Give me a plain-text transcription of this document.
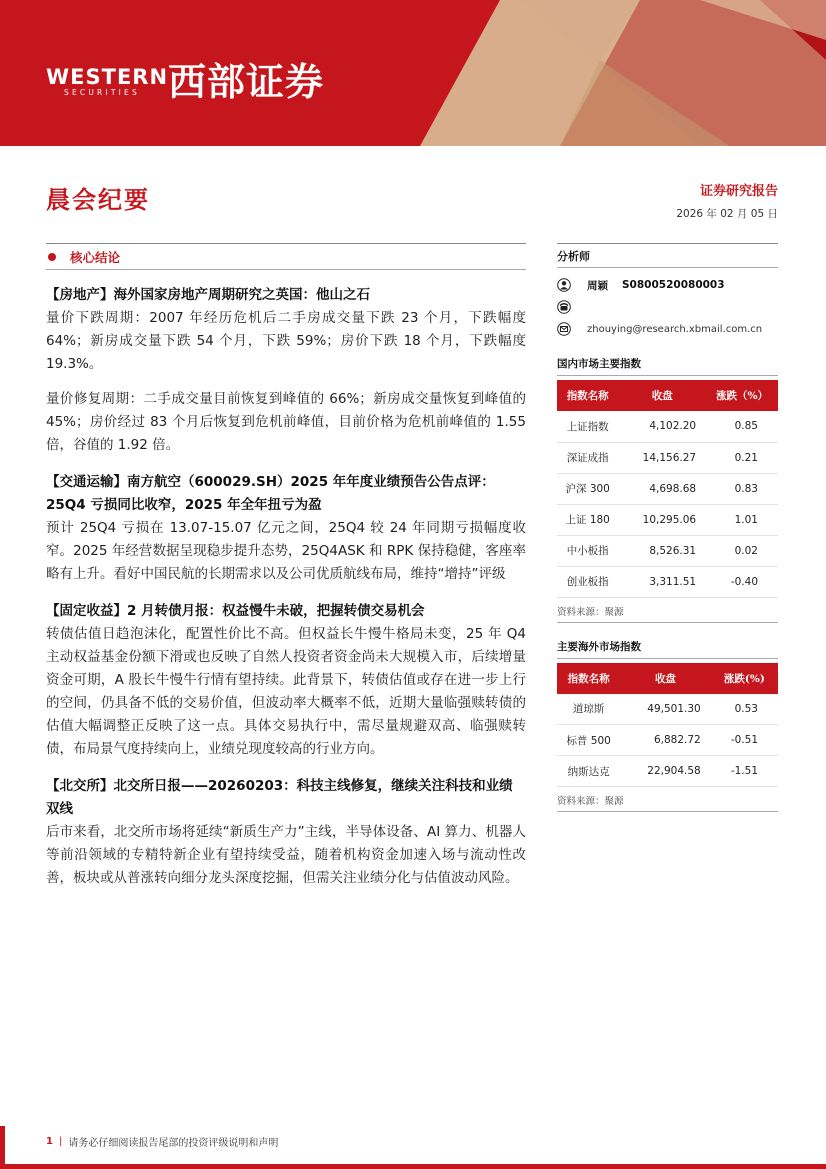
WESTERN
SECURITIES 西部证券
晨会纪要	证券研究报告
2026 年 02 月 05 日
核心结论
【房地产】海外国家房地产周期研究之英国：他山之石
量价下跌周期：2007 年经历危机后二手房成交量下跌 23 个月，下跌幅度 64%；新房成交量下跌 54 个月，下跌 59%；房价下跌 18 个月，下跌幅度 19.3%。
量价修复周期：二手成交量目前恢复到峰值的 66%；新房成交量恢复到峰值的 45%；房价经过 83 个月后恢复到危机前峰值，目前价格为危机前峰值的 1.55 倍，谷值的 1.92 倍。
【交通运输】南方航空（600029.SH）2025 年年度业绩预告公告点评：25Q4 亏损同比收窄，2025 年全年扭亏为盈
预计 25Q4 亏损在 13.07-15.07 亿元之间，25Q4 较 24 年同期亏损幅度收窄。2025 年经营数据呈现稳步提升态势，25Q4ASK 和 RPK 保持稳健，客座率略有上升。看好中国民航的长期需求以及公司优质航线布局，维持“增持”评级
【固定收益】2 月转债月报：权益慢牛未破，把握转债交易机会
转债估值日趋泡沫化，配置性价比不高。但权益长牛慢牛格局未变，25 年 Q4 主动权益基金份额下滑或也反映了自然人投资者资金尚未大规模入市，后续增量资金可期，A 股长牛慢牛行情有望持续。此背景下，转债估值或存在进一步上行的空间，仍具备不低的交易价值，但波动率大概率不低，近期大量临强赎转债的估值大幅调整正反映了这一点。具体交易执行中，需尽量规避双高、临强赎转债，布局景气度持续向上，业绩兑现度较高的行业方向。
【北交所】北交所日报——20260203：科技主线修复，继续关注科技和业绩双线
后市来看，北交所市场将延续“新质生产力”主线，半导体设备、AI 算力、机器人等前沿领域的专精特新企业有望持续受益，随着机构资金加速入场与流动性改善，板块或从普涨转向细分龙头深度挖掘，但需关注业绩分化与估值波动风险。
分析师
周颖 S0800520080003
zhouying@research.xbmail.com.cn
国内市场主要指数
指数名称	收盘	涨跌（%）
上证指数	4,102.20	0.85
深证成指	14,156.27	0.21
沪深 300	4,698.68	0.83
上证 180	10,295.06	1.01
中小板指	8,526.31	0.02
创业板指	3,311.51	-0.40
资料来源：聚源
主要海外市场指数
指数名称	收盘	涨跌(%)
道琼斯	49,501.30	0.53
标普 500	6,882.72	-0.51
纳斯达克	22,904.58	-1.51
资料来源：聚源
1 | 请务必仔细阅读报告尾部的投资评级说明和声明
